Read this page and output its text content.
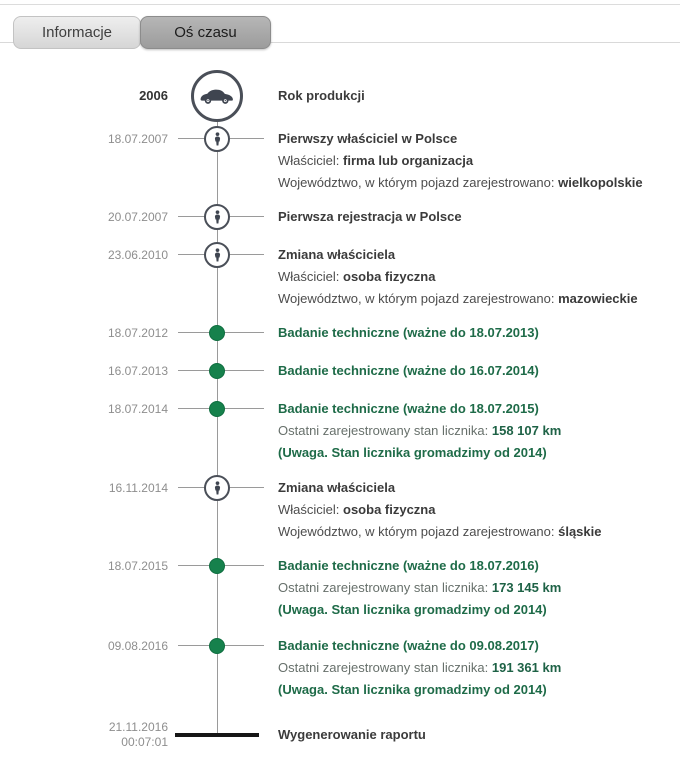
Informacje	Oś czasu
2006	Rok produkcji
18.07.2007	Pierwszy właściciel w Polsce
Właściciel: firma lub organizacja
Województwo, w którym pojazd zarejestrowano: wielkopolskie
20.07.2007	Pierwsza rejestracja w Polsce
23.06.2010	Zmiana właściciela
Właściciel: osoba fizyczna
Województwo, w którym pojazd zarejestrowano: mazowieckie
18.07.2012	Badanie techniczne (ważne do 18.07.2013)
16.07.2013	Badanie techniczne (ważne do 16.07.2014)
18.07.2014	Badanie techniczne (ważne do 18.07.2015)
Ostatni zarejestrowany stan licznika: 158 107 km
(Uwaga. Stan licznika gromadzimy od 2014)
16.11.2014	Zmiana właściciela
Właściciel: osoba fizyczna
Województwo, w którym pojazd zarejestrowano: śląskie
18.07.2015	Badanie techniczne (ważne do 18.07.2016)
Ostatni zarejestrowany stan licznika: 173 145 km
(Uwaga. Stan licznika gromadzimy od 2014)
09.08.2016	Badanie techniczne (ważne do 09.08.2017)
Ostatni zarejestrowany stan licznika: 191 361 km
(Uwaga. Stan licznika gromadzimy od 2014)
21.11.2016
00:07:01	Wygenerowanie raportu
